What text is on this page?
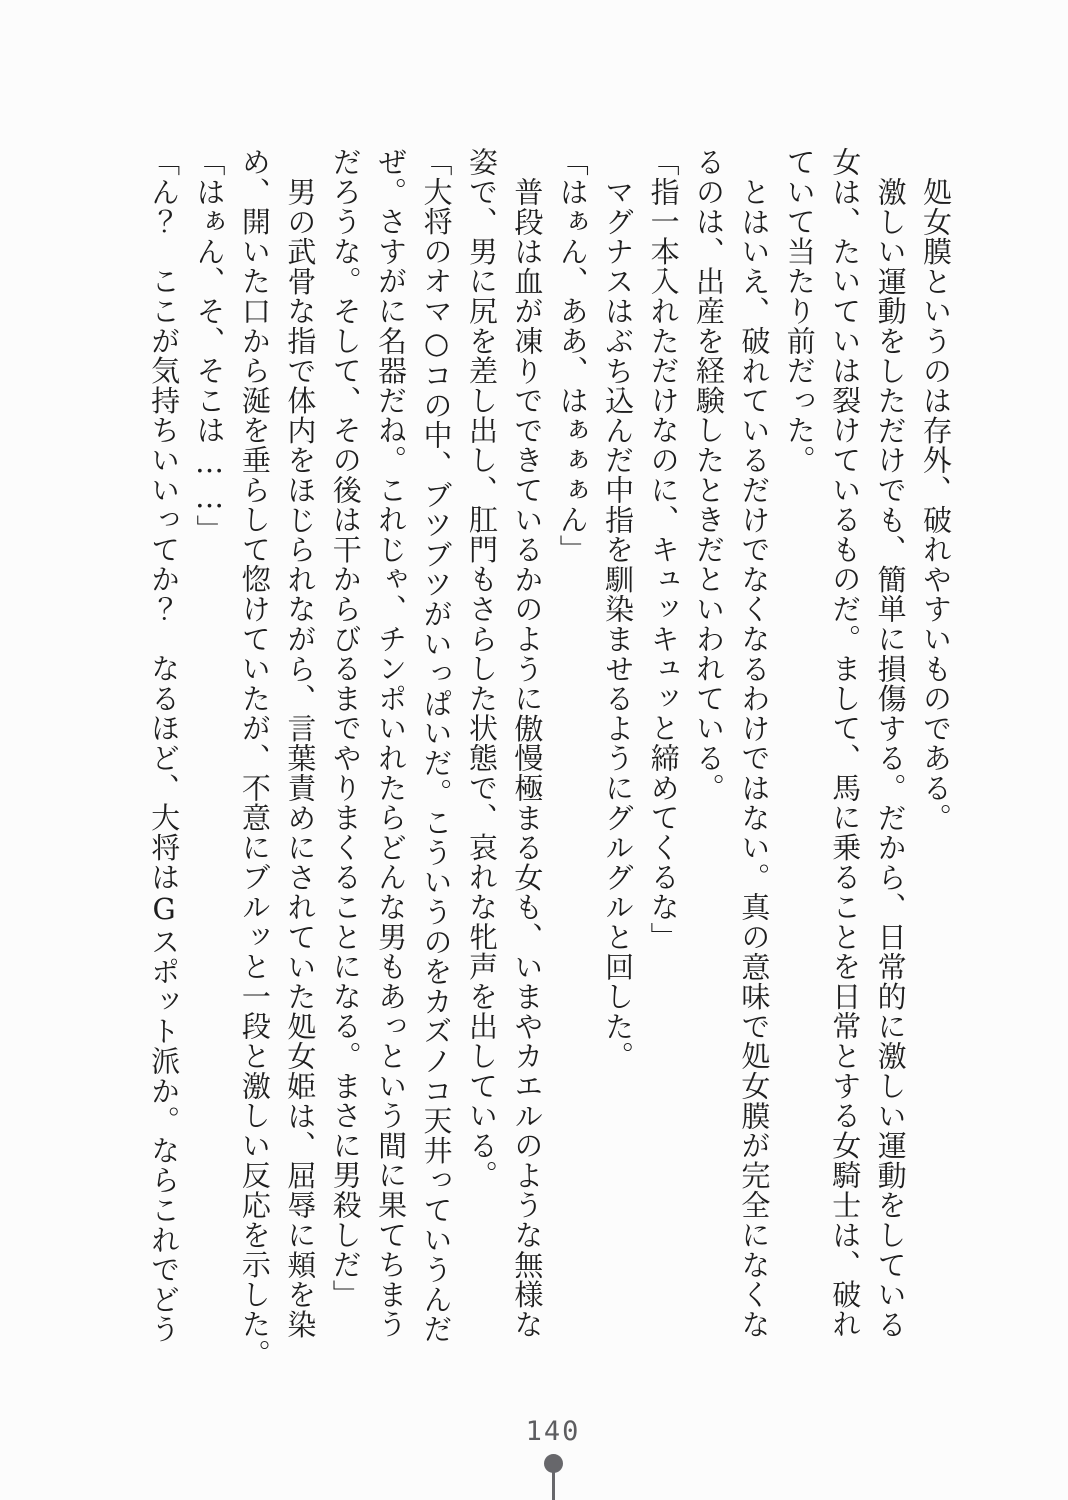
処女膜というのは存外、破れやすいものである。
激しい運動をしただけでも、簡単に損傷する。だから、日常的に激しい運動をしている
女は、たいていは裂けているものだ。まして、馬に乗ることを日常とする女騎士は、破れ
ていて当たり前だった。
とはいえ、破れているだけでなくなるわけではない。真の意味で処女膜が完全になくな
るのは、出産を経験したときだといわれている。
「指一本入れただけなのに、キュッキュッと締めてくるな」
マグナスはぶち込んだ中指を馴染ませるようにグルグルと回した。
「はぁん、ああ、はぁぁぁん」
普段は血が凍りでできているかのように傲慢極まる女も、いまやカエルのような無様な
姿で、男に尻を差し出し、肛門もさらした状態で、哀れな牝声を出している。
「大将のオマ○コの中、ブツブツがいっぱいだ。こういうのをカズノコ天井っていうんだ
ぜ。さすがに名器だね。これじゃ、チンポいれたらどんな男もあっという間に果てちまう
だろうな。そして、その後は干からびるまでやりまくることになる。まさに男殺しだ」
男の武骨な指で体内をほじられながら、言葉責めにされていた処女姫は、屈辱に頬を染
め、開いた口から涎を垂らして惚けていたが、不意にブルッと一段と激しい反応を示した。
「はぁん、そ、そこは……」
「ん？　ここが気持ちいいってか？　なるほど、大将はGスポット派か。ならこれでどう
140
